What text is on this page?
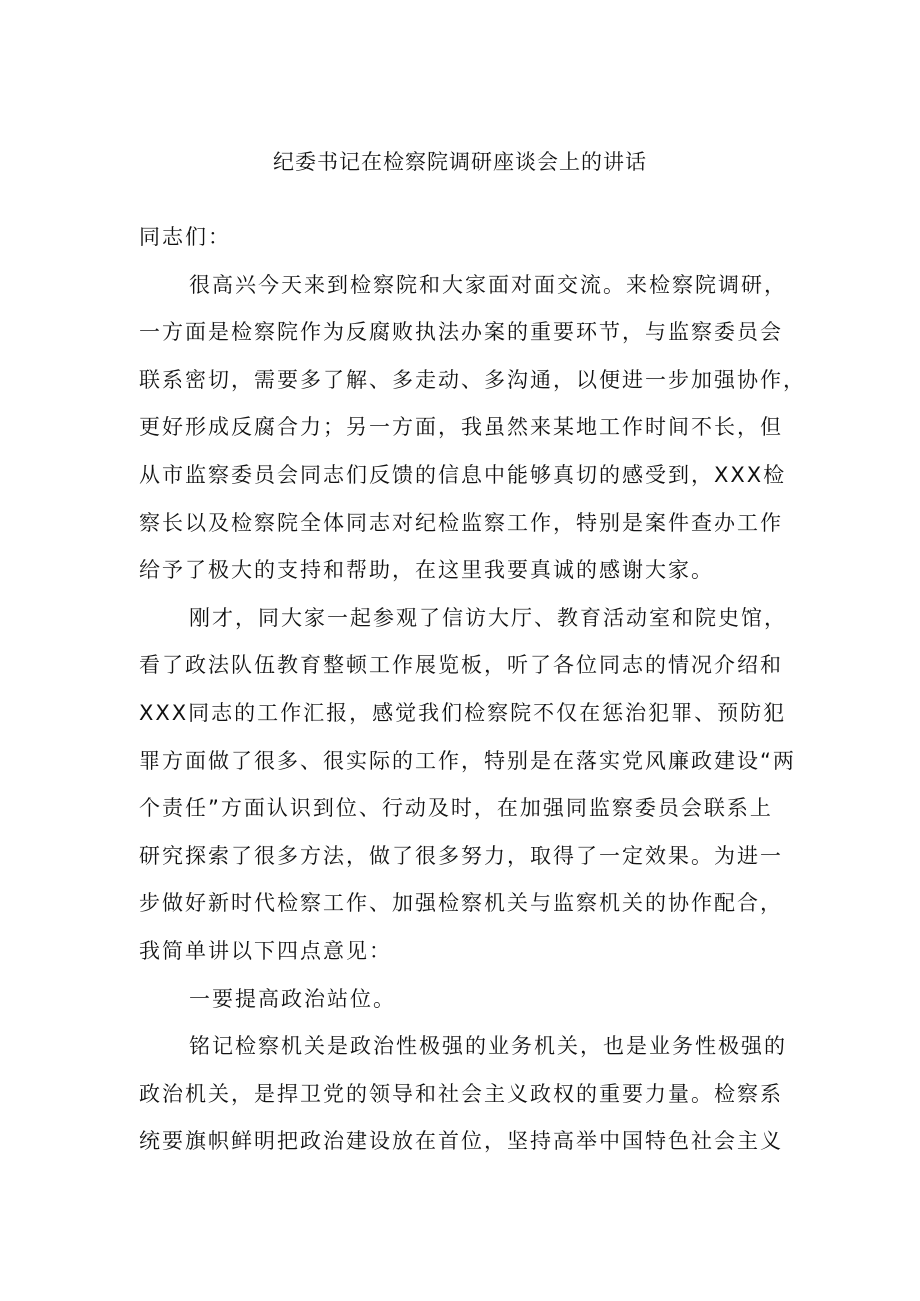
纪委书记在检察院调研座谈会上的讲话

同志们：

很高兴今天来到检察院和大家面对面交流。来检察院调研，
一方面是检察院作为反腐败执法办案的重要环节，与监察委员会
联系密切，需要多了解、多走动、多沟通，以便进一步加强协作，
更好形成反腐合力；另一方面，我虽然来某地工作时间不长，但
从市监察委员会同志们反馈的信息中能够真切的感受到，XXX检
察长以及检察院全体同志对纪检监察工作，特别是案件查办工作
给予了极大的支持和帮助，在这里我要真诚的感谢大家。

刚才，同大家一起参观了信访大厅、教育活动室和院史馆，
看了政法队伍教育整顿工作展览板，听了各位同志的情况介绍和
XXX同志的工作汇报，感觉我们检察院不仅在惩治犯罪、预防犯
罪方面做了很多、很实际的工作，特别是在落实党风廉政建设“两
个责任”方面认识到位、行动及时，在加强同监察委员会联系上
研究探索了很多方法，做了很多努力，取得了一定效果。为进一
步做好新时代检察工作、加强检察机关与监察机关的协作配合，
我简单讲以下四点意见：

一要提高政治站位。

铭记检察机关是政治性极强的业务机关，也是业务性极强的
政治机关，是捍卫党的领导和社会主义政权的重要力量。检察系
统要旗帜鲜明把政治建设放在首位，坚持高举中国特色社会主义
